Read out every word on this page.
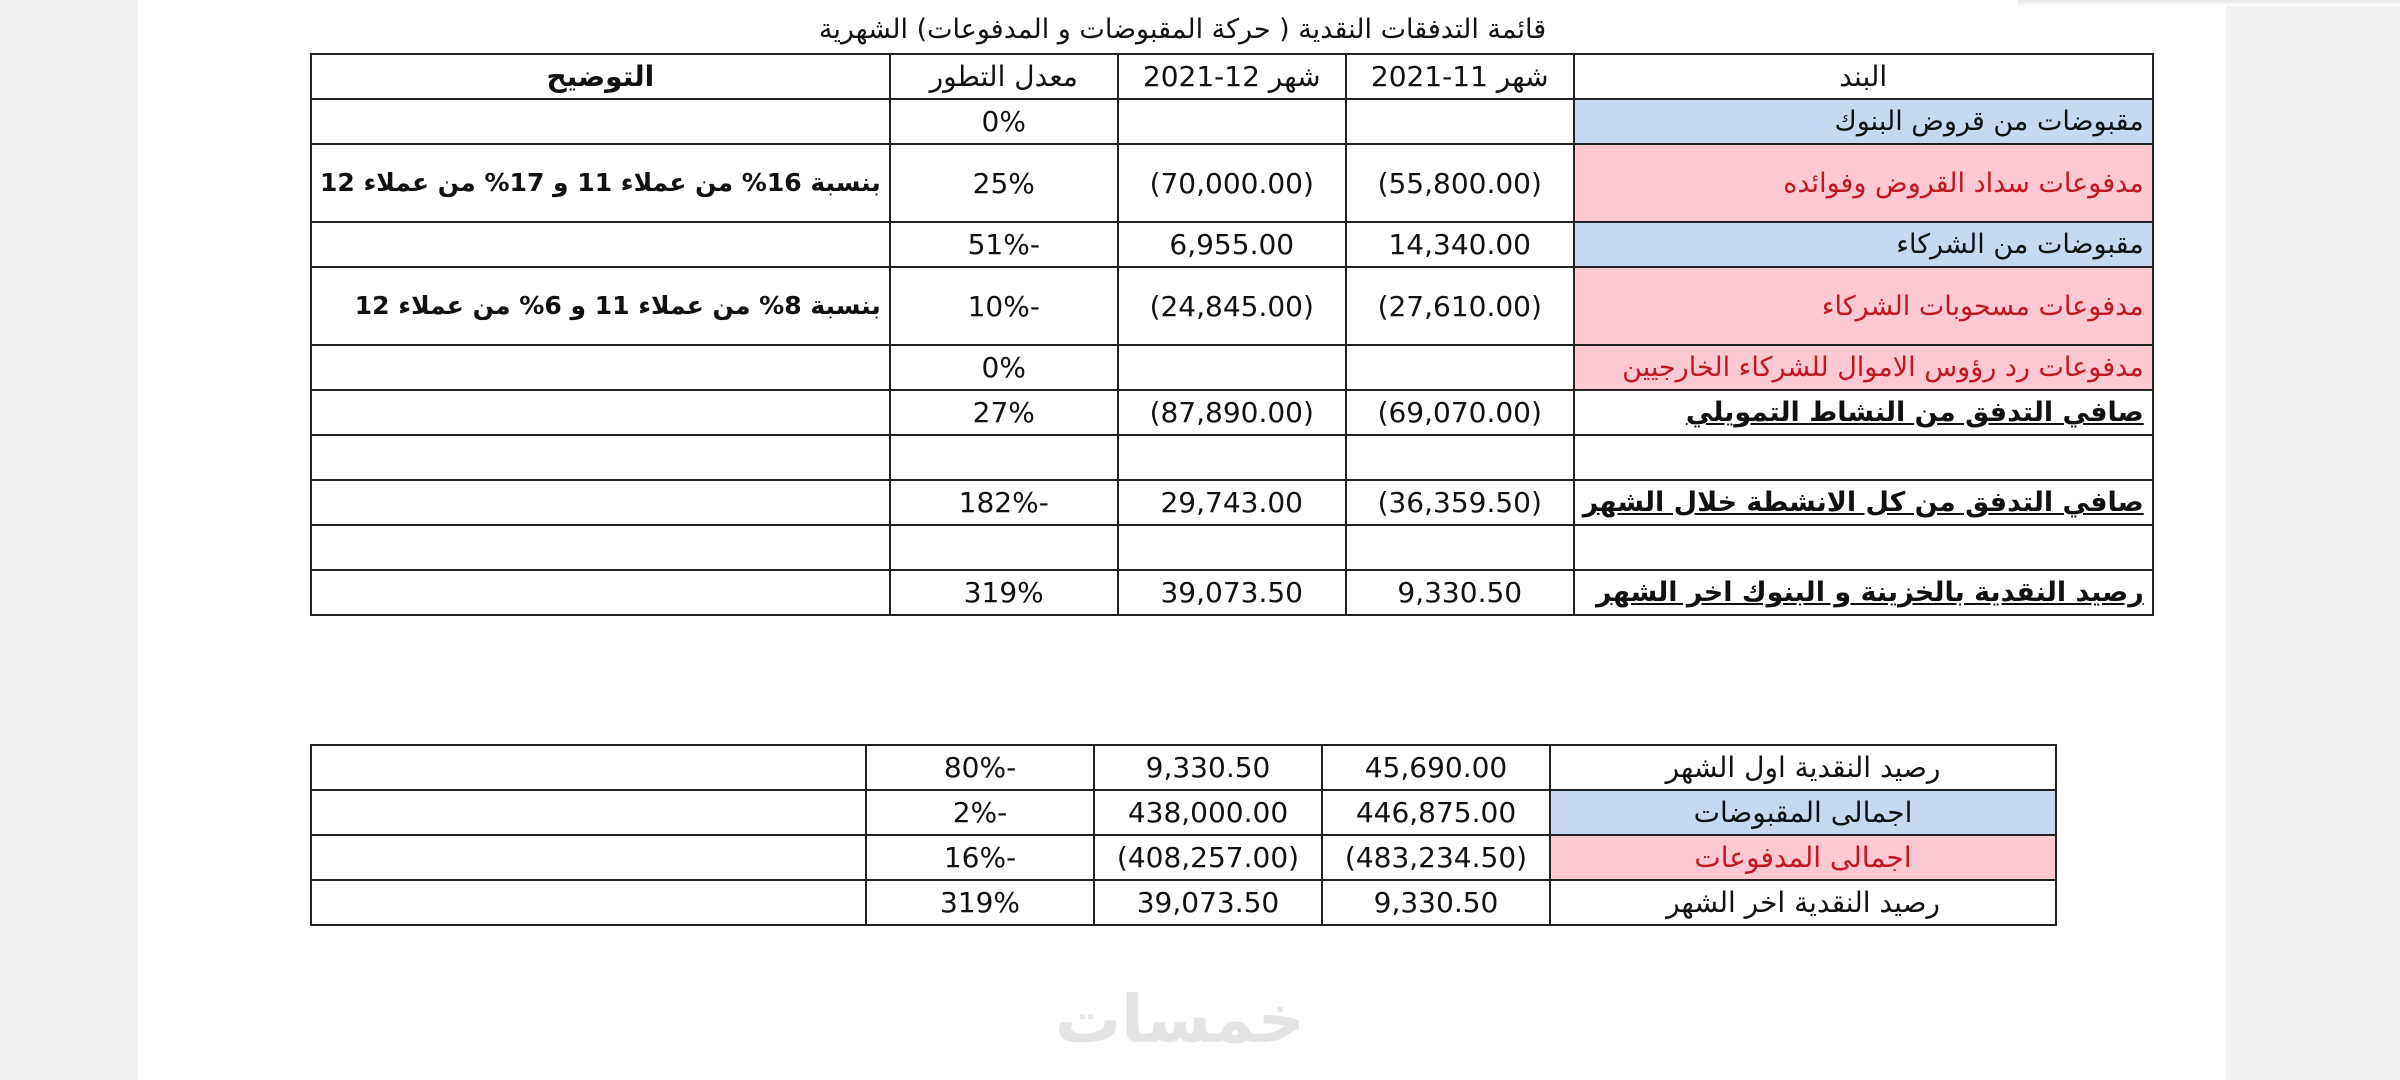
قائمة التدفقات النقدية ( حركة المقبوضات و المدفوعات) الشهرية
التوضيح	معدل التطور	شهر 12-2021	شهر 11-2021	البند
	0%			مقبوضات من قروض البنوك
بنسبة 16% من عملاء 11 و 17% من عملاء 12	25%	(70,000.00)	(55,800.00)	مدفوعات سداد القروض وفوائده
	51%-	6,955.00	14,340.00	مقبوضات من الشركاء
بنسبة 8% من عملاء 11 و 6% من عملاء 12	10%-	(24,845.00)	(27,610.00)	مدفوعات مسحوبات الشركاء
	0%			مدفوعات رد رؤوس الاموال للشركاء الخارجيين
	27%	(87,890.00)	(69,070.00)	صافي التدفق من النشاط التمويلي

	182%-	29,743.00	(36,359.50)	صافي التدفق من كل الانشطة خلال الشهر

	319%	39,073.50	9,330.50	رصيد النقدية بالخزينة و البنوك اخر الشهر
	80%-	9,330.50	45,690.00	رصيد النقدية اول الشهر
	2%-	438,000.00	446,875.00	اجمالى المقبوضات
	16%-	(408,257.00)	(483,234.50)	اجمالى المدفوعات
	319%	39,073.50	9,330.50	رصيد النقدية اخر الشهر
خمسات
